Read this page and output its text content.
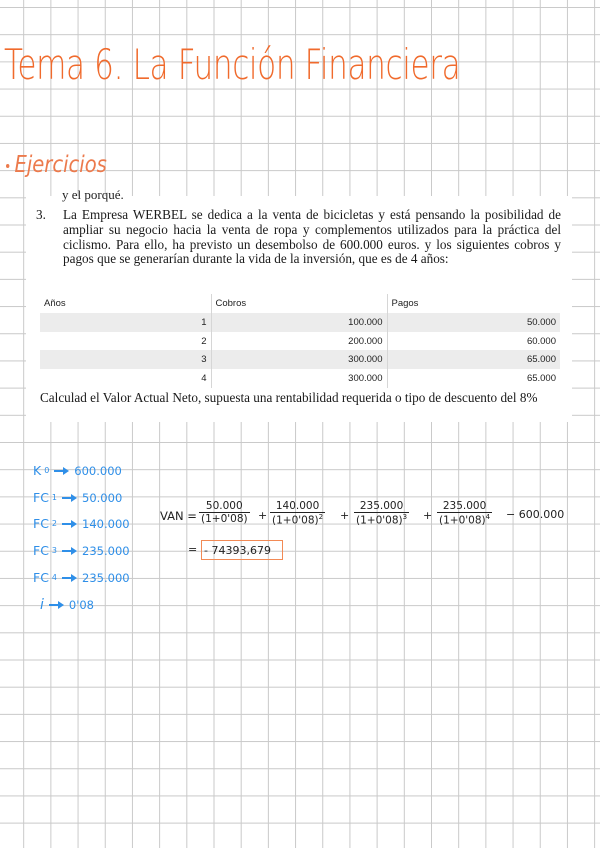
Tema 6. La Función Financiera
Ejercicios
y el porqué.
3. La Empresa WERBEL se dedica a la venta de bicicletas y está pensando la posibilidad de ampliar su negocio hacia la venta de ropa y complementos utilizados para la práctica del ciclismo. Para ello, ha previsto un desembolso de 600.000 euros. y los siguientes cobros y pagos que se generarían durante la vida de la inversión, que es de 4 años:
Años	Cobros	Pagos
1	100.000	50.000
2	200.000	60.000
3	300.000	65.000
4	300.000	65.000
Calculad el Valor Actual Neto, supuesta una rentabilidad requerida o tipo de descuento del 8%
K 0 600.000
FC 1 50.000
FC 2 140.000
FC 3 235.000
FC 4 235.000
i 0'08
VAN = $\frac{50.000}{(1+0'08)} + \frac{140.000}{(1+0'08)^2} + \frac{235.000}{(1+0'08)^3} + \frac{235.000}{(1+0'08)^4} - 600.000$
= - 74393,679
